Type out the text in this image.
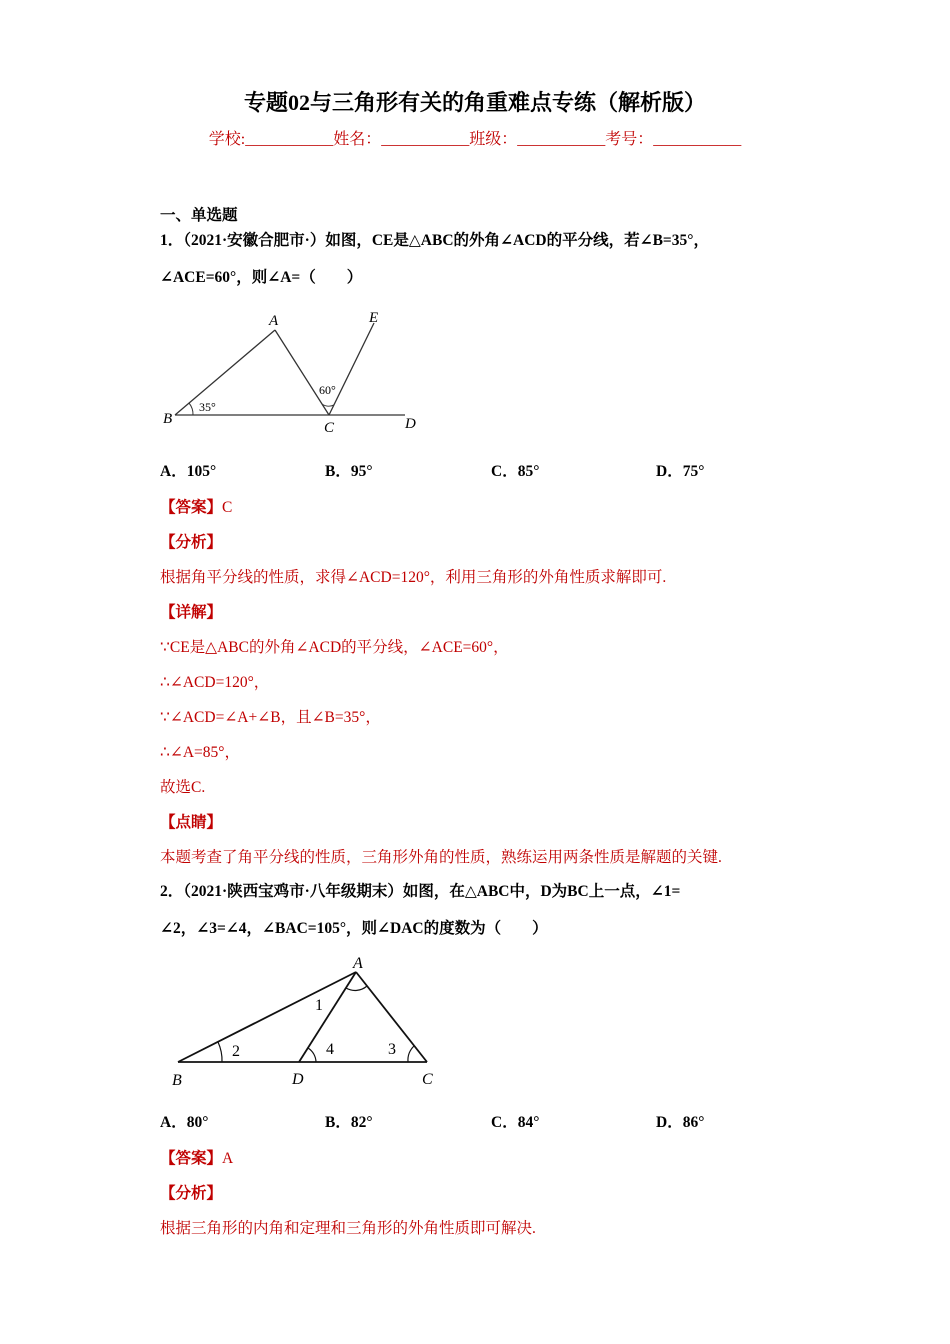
专题02与三角形有关的角重难点专练（解析版）
学校:___________姓名：___________班级：___________考号：___________
一、单选题
1．（2021·安徽合肥市·）如图，CE是△ABC的外角∠ACD的平分线，若∠B=35°，
∠ACE=60°，则∠A=（　　）
A
B
C	D
E
35°
60°
A．105°	B．95°	C．85°	D．75°
【答案】C
【分析】
根据角平分线的性质，求得∠ACD=120°，利用三角形的外角性质求解即可.
【详解】
∵CE是△ABC的外角∠ACD的平分线，∠ACE=60°，
∴∠ACD=120°，
∵∠ACD=∠A+∠B，且∠B=35°，
∴∠A=85°，
故选C.
【点睛】
本题考查了角平分线的性质，三角形外角的性质，熟练运用两条性质是解题的关键.
2．（2021·陕西宝鸡市·八年级期末）如图，在△ABC中，D为BC上一点，∠1=
∠2，∠3=∠4，∠BAC=105°，则∠DAC的度数为（　　）
A
B	D	C
1
2	3
4
A．80°	B．82°	C．84°	D．86°
【答案】A
【分析】
根据三角形的内角和定理和三角形的外角性质即可解决.
